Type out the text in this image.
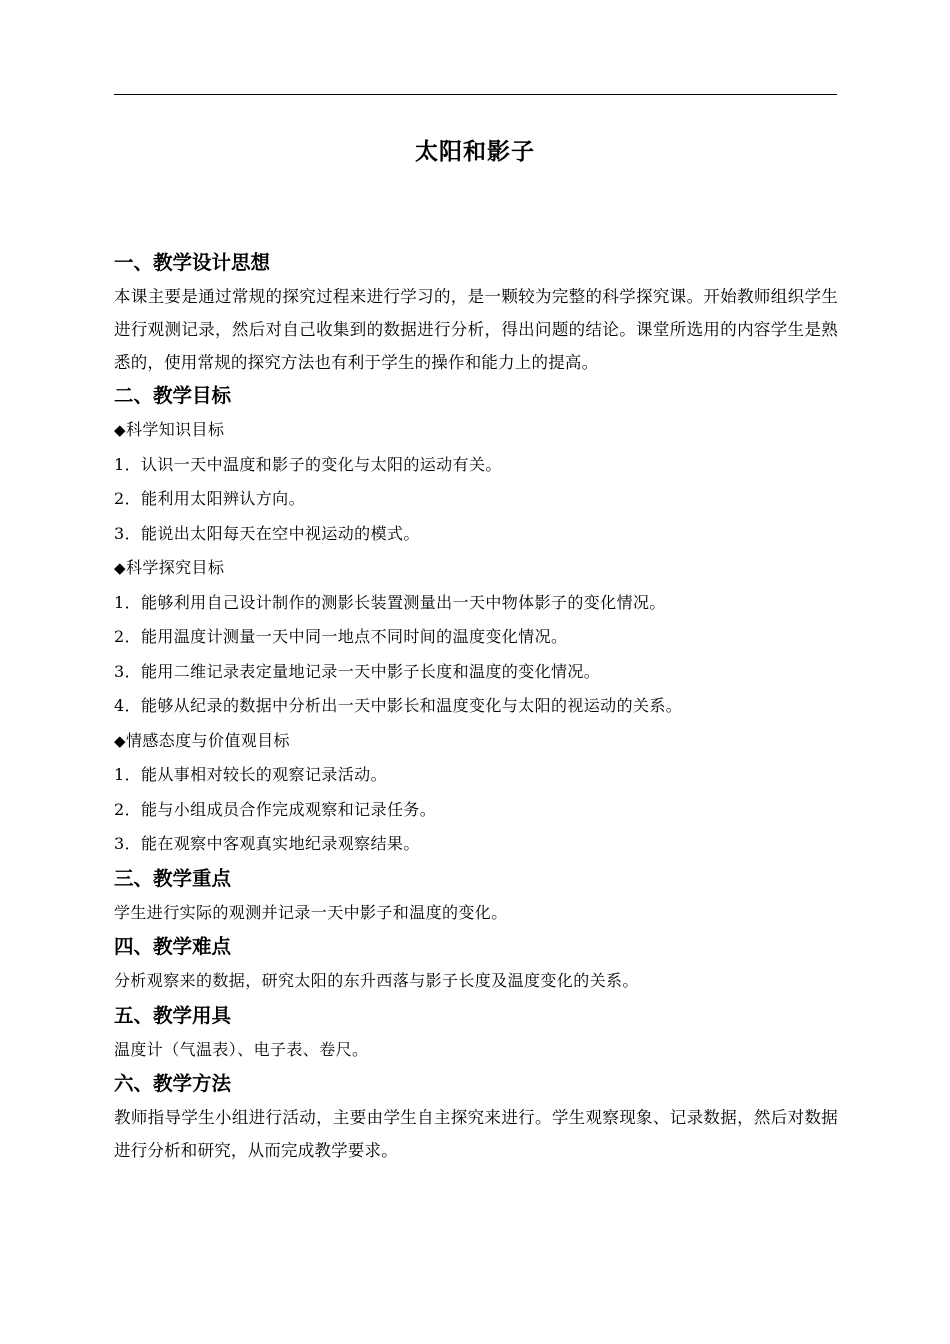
太阳和影子
一、教学设计思想

本课主要是通过常规的探究过程来进行学习的，是一颗较为完整的科学探究课。开始教师组织学生进行观测记录，然后对自己收集到的数据进行分析，得出问题的结论。课堂所选用的内容学生是熟悉的，使用常规的探究方法也有利于学生的操作和能力上的提高。

二、教学目标

◆科学知识目标

1．认识一天中温度和影子的变化与太阳的运动有关。

2．能利用太阳辨认方向。

3．能说出太阳每天在空中视运动的模式。

◆科学探究目标

1．能够利用自己设计制作的测影长装置测量出一天中物体影子的变化情况。

2．能用温度计测量一天中同一地点不同时间的温度变化情况。

3．能用二维记录表定量地记录一天中影子长度和温度的变化情况。

4．能够从纪录的数据中分析出一天中影长和温度变化与太阳的视运动的关系。

◆情感态度与价值观目标

1．能从事相对较长的观察记录活动。

2．能与小组成员合作完成观察和记录任务。

3．能在观察中客观真实地纪录观察结果。

三、教学重点

学生进行实际的观测并记录一天中影子和温度的变化。

四、教学难点

分析观察来的数据，研究太阳的东升西落与影子长度及温度变化的关系。

五、教学用具

温度计（气温表）、电子表、卷尺。

六、教学方法

教师指导学生小组进行活动，主要由学生自主探究来进行。学生观察现象、记录数据，然后对数据进行分析和研究，从而完成教学要求。
